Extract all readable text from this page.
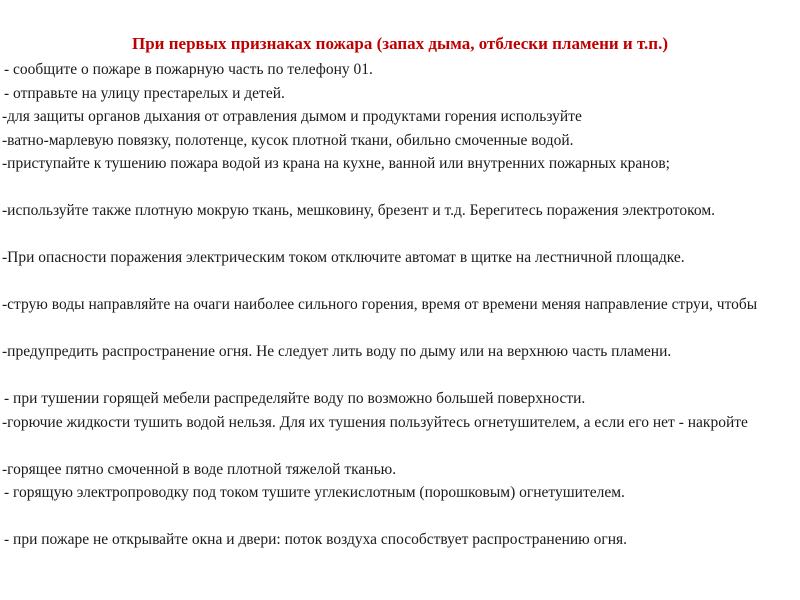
При первых признаках пожара (запах дыма, отблески пламени и т.п.)
- сообщите о пожаре в пожарную часть по телефону 01.
- отправьте на улицу престарелых и детей.
-для защиты органов дыхания от отравления дымом и продуктами горения используйте
-ватно-марлевую повязку, полотенце, кусок плотной ткани, обильно смоченные водой.
-приступайте к тушению пожара водой из крана на кухне, ванной или внутренних пожарных кранов;
-используйте также плотную мокрую ткань, мешковину, брезент и т.д. Берегитесь поражения электротоком.
-При опасности поражения электрическим током отключите автомат в щитке на лестничной площадке.
-струю воды направляйте на очаги наиболее сильного горения, время от времени меняя направление струи, чтобы
-предупредить распространение огня. Не следует лить воду по дыму или на верхнюю часть пламени.
- при тушении горящей мебели распределяйте воду по возможно большей поверхности.
-горючие жидкости тушить водой нельзя. Для их тушения пользуйтесь огнетушителем, а если его нет - накройте
-горящее пятно смоченной в воде плотной тяжелой тканью.
- горящую электропроводку под током тушите углекислотным (порошковым) огнетушителем.
- при пожаре не открывайте окна и двери: поток воздуха способствует распространению огня.
